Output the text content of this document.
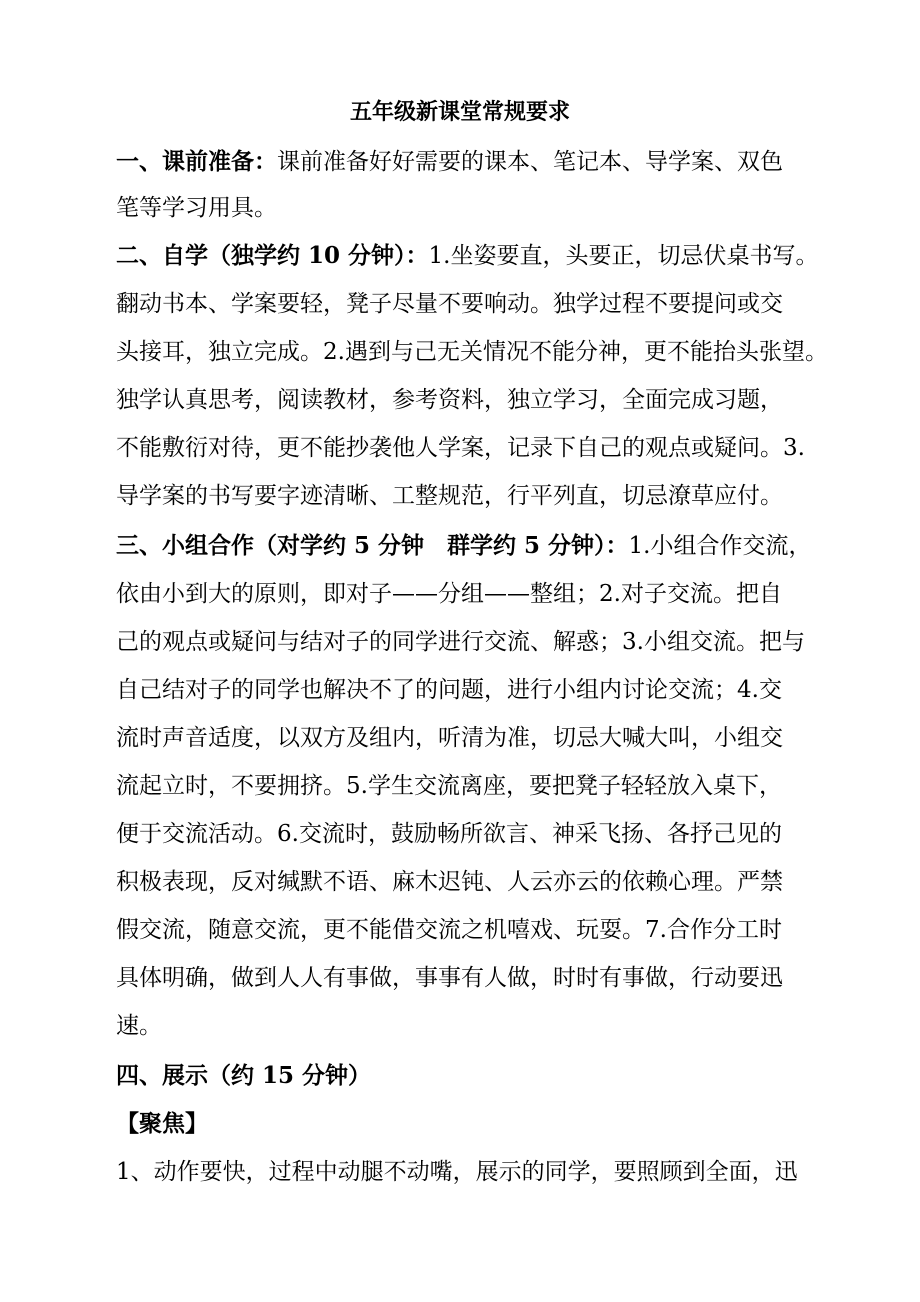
五年级新课堂常规要求
一、课前准备：课前准备好好需要的课本、笔记本、导学案、双色
笔等学习用具。
二、自学（独学约 10 分钟）：1.坐姿要直，头要正，切忌伏桌书写。
翻动书本、学案要轻，凳子尽量不要响动。独学过程不要提问或交
头接耳，独立完成。2.遇到与己无关情况不能分神，更不能抬头张望。
独学认真思考，阅读教材，参考资料，独立学习，全面完成习题，
不能敷衍对待，更不能抄袭他人学案，记录下自己的观点或疑问。3.
导学案的书写要字迹清晰、工整规范，行平列直，切忌潦草应付。
三、小组合作（对学约 5 分钟　群学约 5 分钟）：1.小组合作交流，
依由小到大的原则，即对子——分组——整组；2.对子交流。把自
己的观点或疑问与结对子的同学进行交流、解惑；3.小组交流。把与
自己结对子的同学也解决不了的问题，进行小组内讨论交流；4.交
流时声音适度，以双方及组内，听清为准，切忌大喊大叫，小组交
流起立时，不要拥挤。5.学生交流离座，要把凳子轻轻放入桌下，
便于交流活动。6.交流时，鼓励畅所欲言、神采飞扬、各抒己见的
积极表现，反对缄默不语、麻木迟钝、人云亦云的依赖心理。严禁
假交流，随意交流，更不能借交流之机嘻戏、玩耍。7.合作分工时
具体明确，做到人人有事做，事事有人做，时时有事做，行动要迅
速。
四、展示（约 15 分钟）
【聚焦】
1、动作要快，过程中动腿不动嘴，展示的同学，要照顾到全面，迅
